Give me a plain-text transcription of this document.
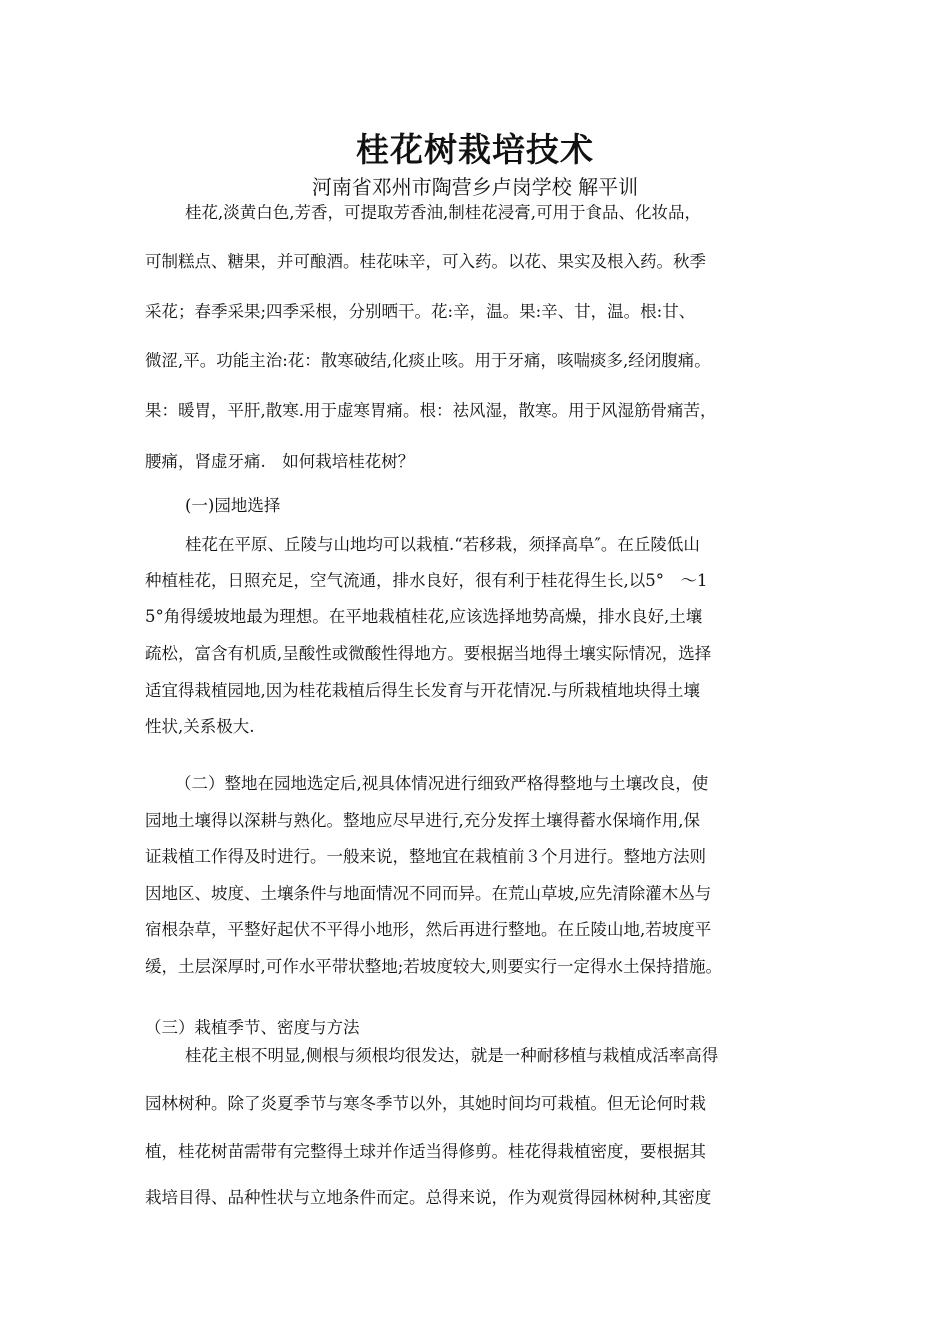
桂花树栽培技术
河南省邓州市陶营乡卢岗学校 解平训
桂花,淡黄白色,芳香，可提取芳香油,制桂花浸膏,可用于食品、化妆品，
可制糕点、糖果，并可酿酒。桂花味辛，可入药。以花、果实及根入药。秋季
采花；春季采果;四季采根，分别晒干。花:辛，温。果:辛、甘，温。根:甘、
微涩,平。功能主治:花：散寒破结,化痰止咳。用于牙痛，咳喘痰多,经闭腹痛。
果：暖胃，平肝,散寒.用于虚寒胃痛。根：祛风湿，散寒。用于风湿筋骨痛苦，
腰痛，肾虚牙痛.　如何栽培桂花树？
(一)园地选择
桂花在平原、丘陵与山地均可以栽植.“若移栽，须择高阜″。在丘陵低山
种植桂花，日照充足，空气流通，排水良好，很有利于桂花得生长,以5°　～1
5°角得缓坡地最为理想。在平地栽植桂花,应该选择地势高燥，排水良好,土壤
疏松，富含有机质,呈酸性或微酸性得地方。要根据当地得土壤实际情况，选择
适宜得栽植园地,因为桂花栽植后得生长发育与开花情况.与所栽植地块得土壤
性状,关系极大.
（二）整地在园地选定后,视具体情况进行细致严格得整地与土壤改良，使
园地土壤得以深耕与熟化。整地应尽早进行,充分发挥土壤得蓄水保墒作用,保
证栽植工作得及时进行。一般来说，整地宜在栽植前３个月进行。整地方法则
因地区、坡度、土壤条件与地面情况不同而异。在荒山草坡,应先清除灌木丛与
宿根杂草，平整好起伏不平得小地形，然后再进行整地。在丘陵山地,若坡度平
缓，土层深厚时,可作水平带状整地;若坡度较大,则要实行一定得水土保持措施。
（三）栽植季节、密度与方法
桂花主根不明显,侧根与须根均很发达，就是一种耐移植与栽植成活率高得
园林树种。除了炎夏季节与寒冬季节以外，其她时间均可栽植。但无论何时栽
植，桂花树苗需带有完整得土球并作适当得修剪。桂花得栽植密度，要根据其
栽培目得、品种性状与立地条件而定。总得来说，作为观赏得园林树种,其密度
